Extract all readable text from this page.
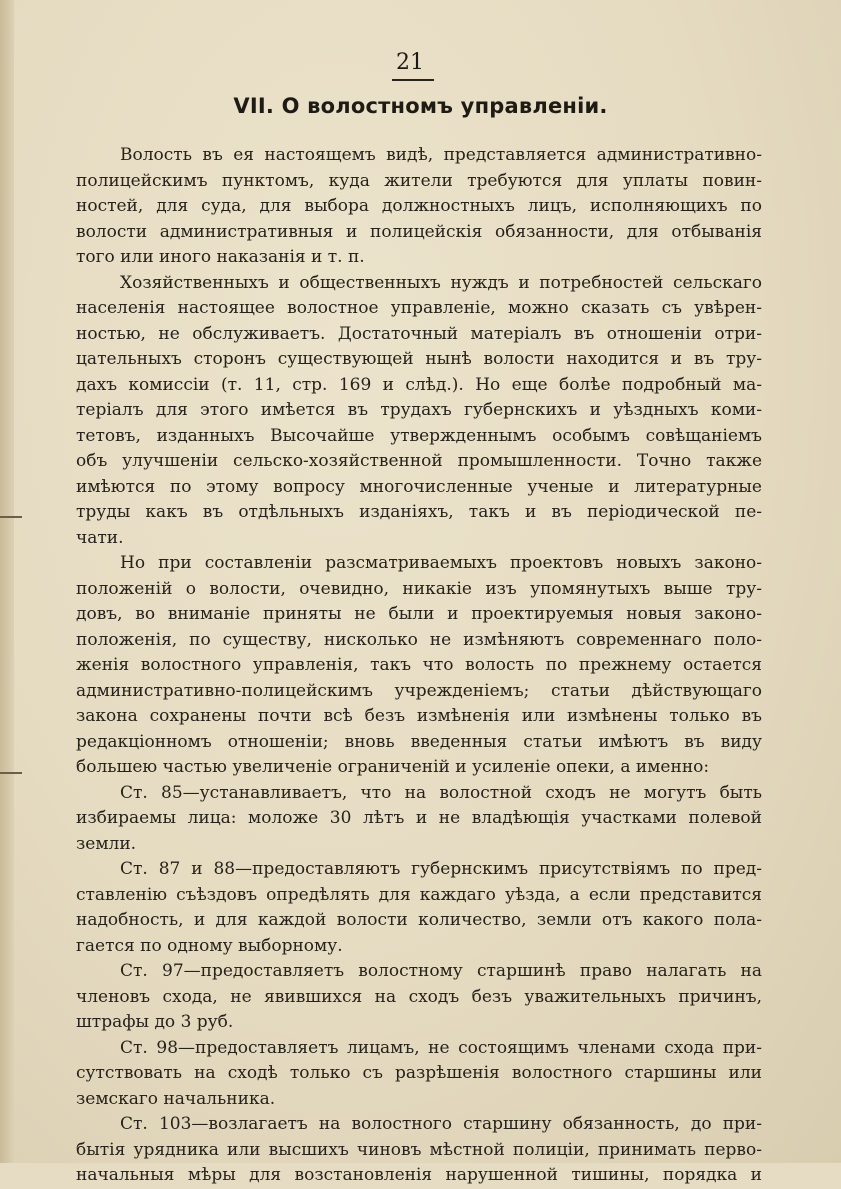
21
VII. О волостномъ управленіи.
Волость въ ея настоящемъ видѣ, представляется административно-
полицейскимъ пунктомъ, куда жители требуются для уплаты повин-
ностей, для суда, для выбора должностныхъ лицъ, исполняющихъ по
волости административныя и полицейскія обязанности, для отбыванія
того или иного наказанія и т. п.
Хозяйственныхъ и общественныхъ нуждъ и потребностей сельскаго
населенія настоящее волостное управленіе, можно сказать съ увѣрен-
ностью, не обслуживаетъ. Достаточный матеріалъ въ отношеніи отри-
цательныхъ сторонъ существующей нынѣ волости находится и въ тру-
дахъ комиссіи (т. 11, стр. 169 и слѣд.). Но еще болѣе подробный ма-
теріалъ для этого имѣется въ трудахъ губернскихъ и уѣздныхъ коми-
тетовъ, изданныхъ Высочайше утвержденнымъ особымъ совѣщаніемъ
объ улучшеніи сельско-хозяйственной промышленности. Точно также
имѣются по этому вопросу многочисленные ученые и литературные
труды какъ въ отдѣльныхъ изданіяхъ, такъ и въ періодической пе-
чати.
Но при составленіи разсматриваемыхъ проектовъ новыхъ законо-
положеній о волости, очевидно, никакіе изъ упомянутыхъ выше тру-
довъ, во вниманіе приняты не были и проектируемыя новыя законо-
положенія, по существу, нисколько не измѣняютъ современнаго поло-
женія волостного управленія, такъ что волость по прежнему остается
административно-полицейскимъ учрежденіемъ; статьи дѣйствующаго
закона сохранены почти всѣ безъ измѣненія или измѣнены только въ
редакціонномъ отношеніи; вновь введенныя статьи имѣютъ въ виду
большею частью увеличеніе ограниченій и усиленіе опеки, а именно:
Ст. 85—устанавливаетъ, что на волостной сходъ не могутъ быть
избираемы лица: моложе 30 лѣтъ и не владѣющія участками полевой
земли.
Ст. 87 и 88—предоставляютъ губернскимъ присутствіямъ по пред-
ставленію съѣздовъ опредѣлять для каждаго уѣзда, а если представится
надобность, и для каждой волости количество, земли отъ какого пола-
гается по одному выборному.
Ст. 97—предоставляетъ волостному старшинѣ право налагать на
членовъ схода, не явившихся на сходъ безъ уважительныхъ причинъ,
штрафы до 3 руб.
Ст. 98—предоставляетъ лицамъ, не состоящимъ членами схода при-
сутствовать на сходѣ только съ разрѣшенія волостного старшины или
земскаго начальника.
Ст. 103—возлагаетъ на волостного старшину обязанность, до при-
бытія урядника или высшихъ чиновъ мѣстной полиціи, принимать перво-
начальныя мѣры для возстановленія нарушенной тишины, порядка и
